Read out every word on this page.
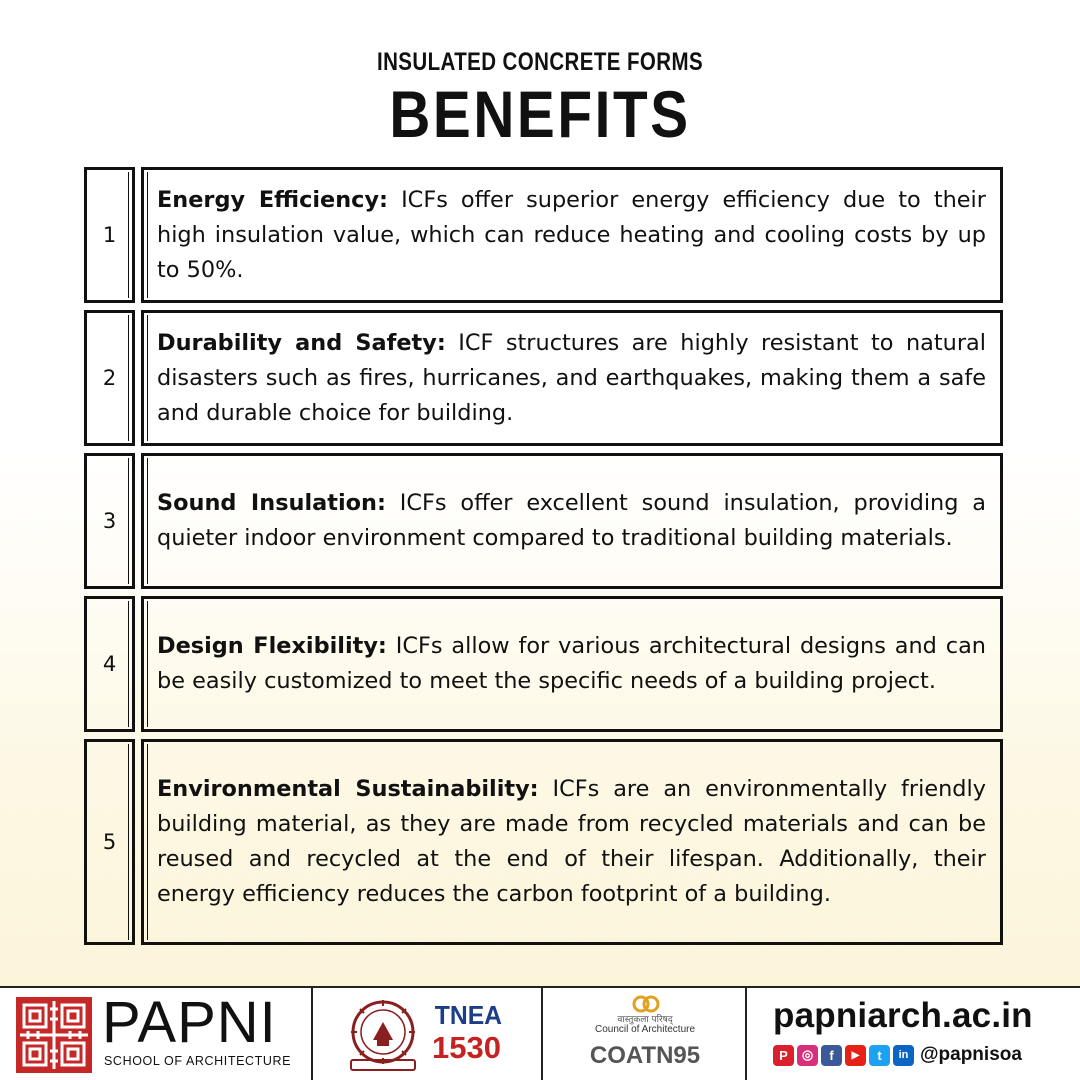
INSULATED CONCRETE FORMS
BENEFITS
1

Energy Efficiency: ICFs offer superior energy efficiency due to their high insulation value, which can reduce heating and cooling costs by up to 50%.

2

Durability and Safety: ICF structures are highly resistant to natural disasters such as fires, hurricanes, and earthquakes, making them a safe and durable choice for building.

3

Sound Insulation: ICFs offer excellent sound insulation, providing a quieter indoor environment compared to traditional building materials.

4

Design Flexibility: ICFs allow for various architectural designs and can be easily customized to meet the specific needs of a building project.

5

Environmental Sustainability: ICFs are an environmentally friendly building material, as they are made from recycled materials and can be reused and recycled at the end of their lifespan. Additionally, their energy efficiency reduces the carbon footprint of a building.

PAPNI
SCHOOL OF ARCHITECTURE
TNEA
1530
वास्तुकला परिषद्
Council of Architecture
COATN95
papniarch.ac.in
P	◎	f	▶	t	in @papnisoa
